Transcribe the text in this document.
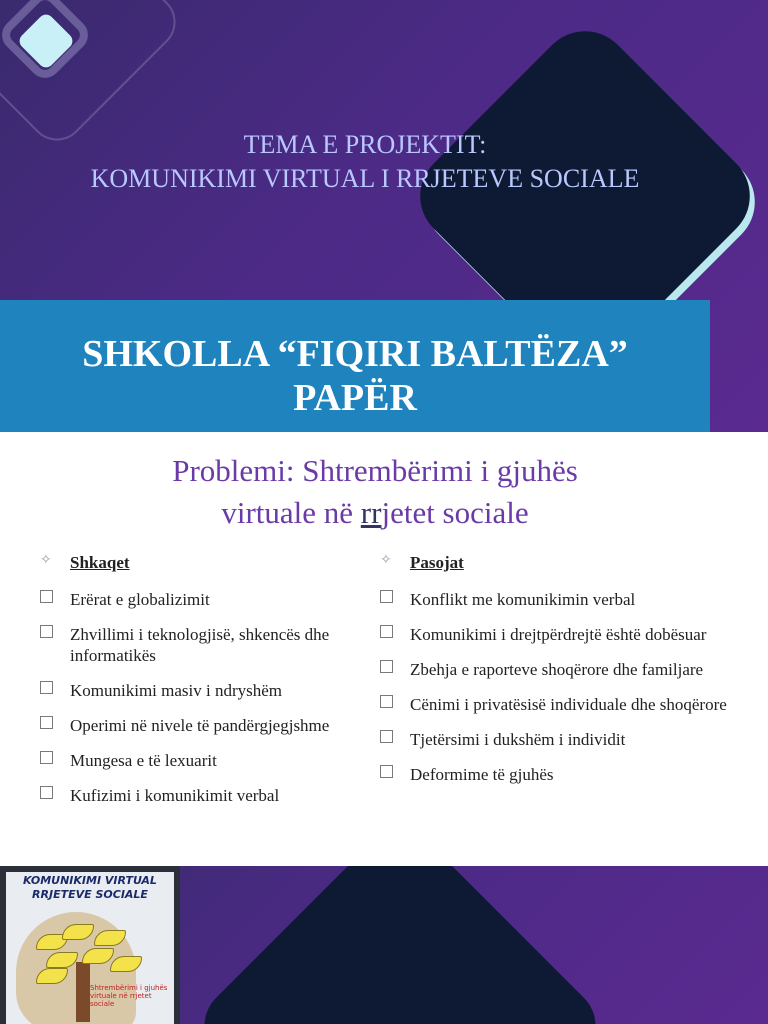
TEMA E PROJEKTIT:
KOMUNIKIMI VIRTUAL I RRJETEVE SOCIALE
SHKOLLA “FIQIRI BALTËZA”
PAPËR
Problemi: Shtrembërimi i gjuhës
virtuale në rrjetet sociale
✧ Shkaqet
Erërat e globalizimit
Zhvillimi i teknologjisë, shkencës dhe informatikës
Komunikimi masiv i ndryshëm
Operimi në nivele të pandërgjegjshme
Mungesa e të lexuarit
Kufizimi i komunikimit verbal
✧ Pasojat
Konflikt me komunikimin verbal
Komunikimi i drejtpërdrejtë është dobësuar
Zbehja e raporteve shoqërore dhe familjare
Cënimi i privatësisë individuale dhe shoqërore
Tjetërsimi i dukshëm i individit
Deformime të gjuhës
KOMUNIKIMI VIRTUAL
RRJETEVE SOCIALE
Shtrembërimi i gjuhës virtuale në rrjetet sociale
